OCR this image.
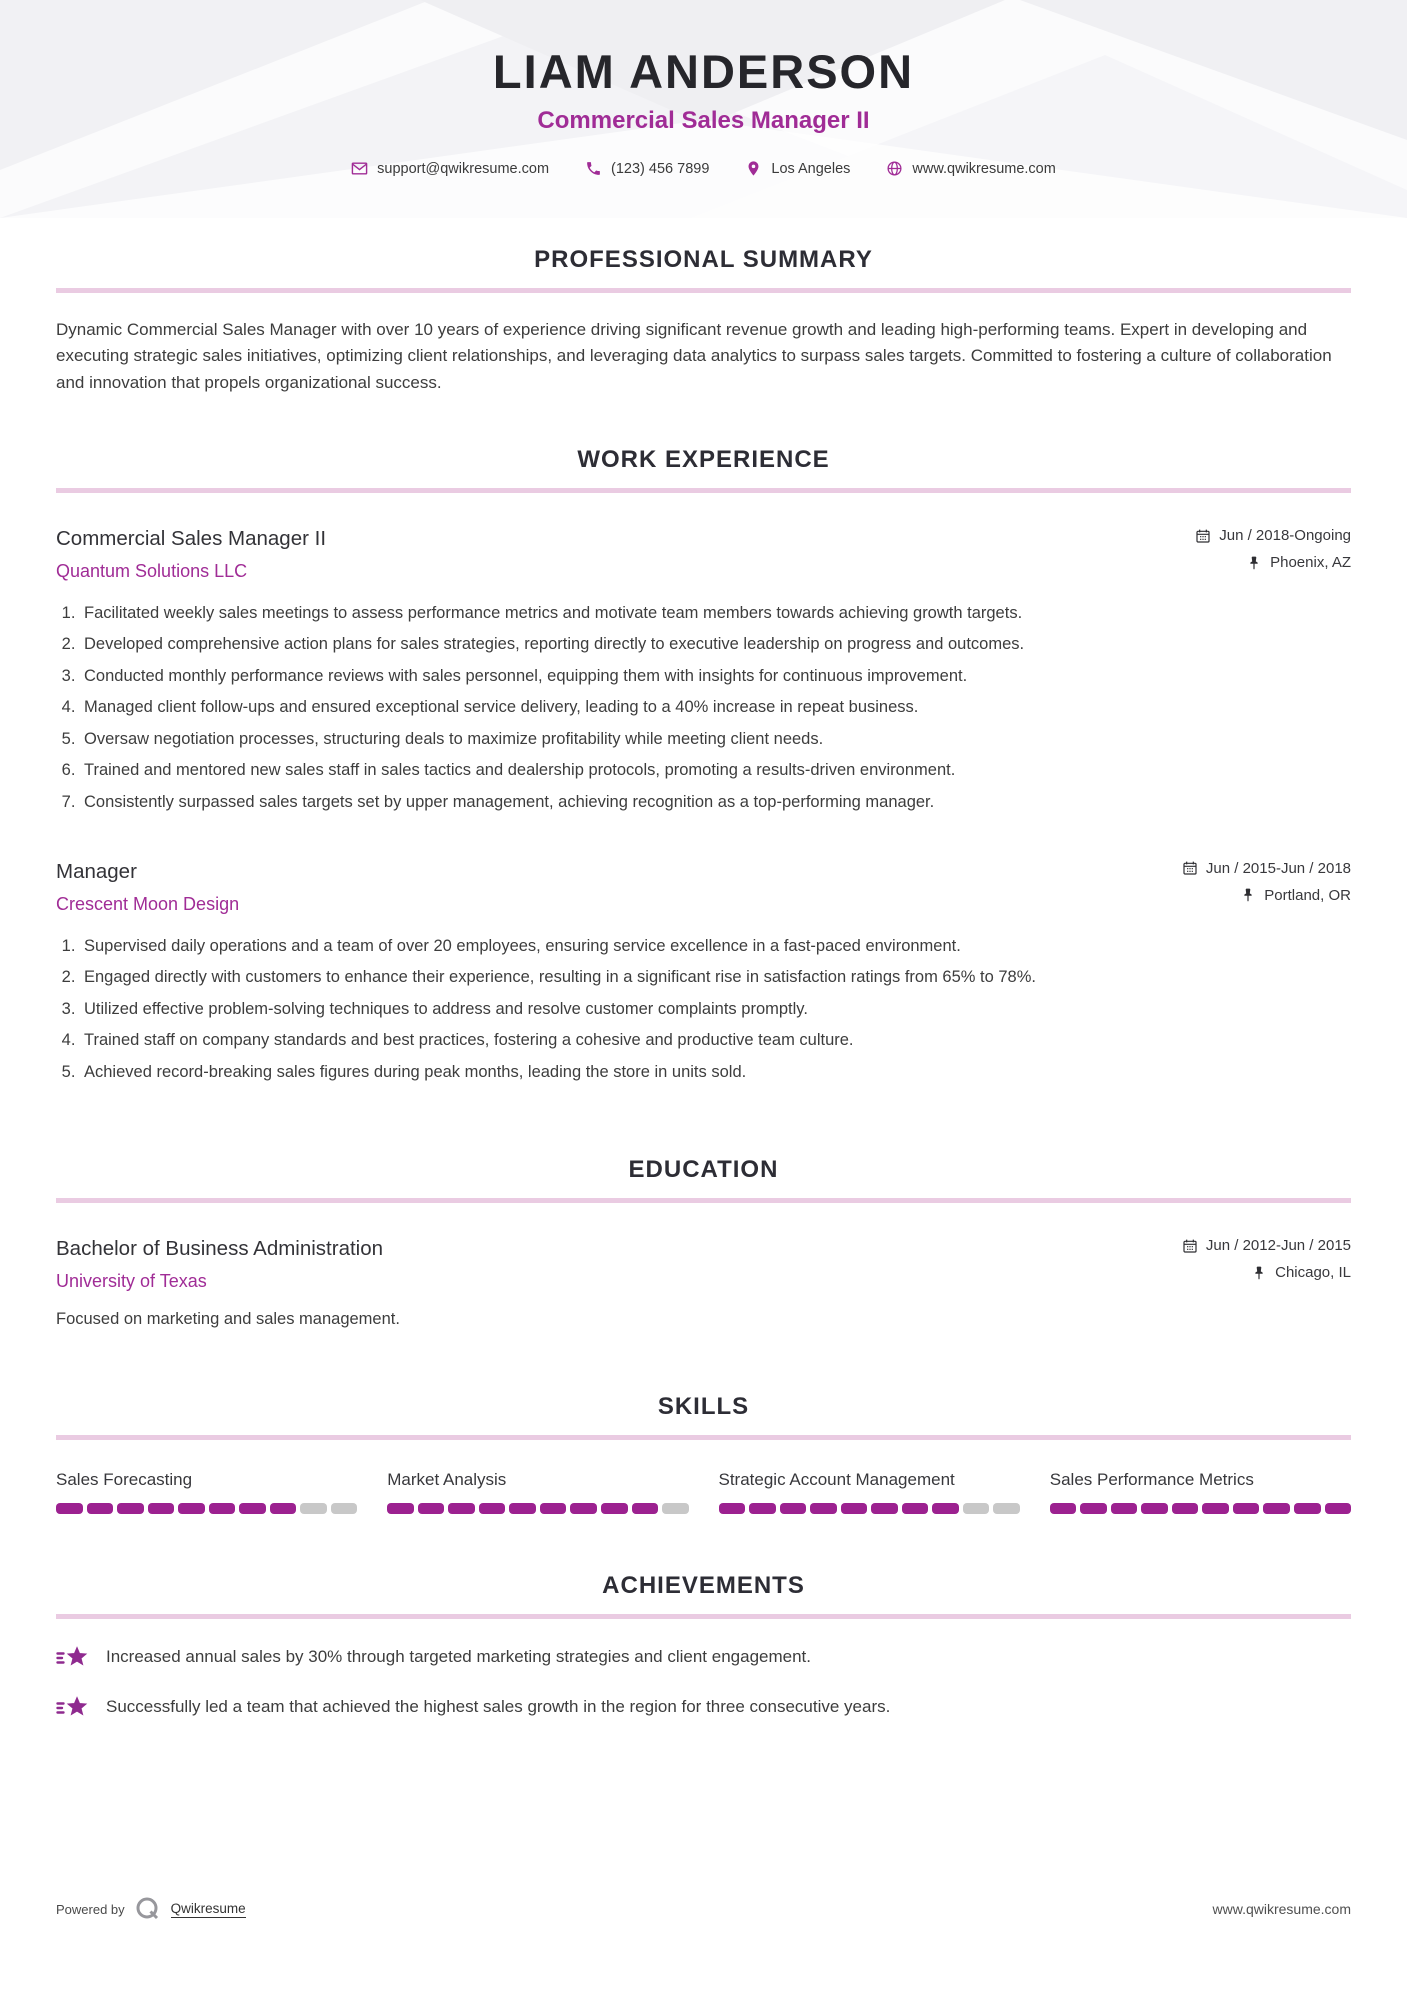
LIAM ANDERSON
Commercial Sales Manager II
support@qwikresume.com	(123) 456 7899	Los Angeles	www.qwikresume.com
PROFESSIONAL SUMMARY

Dynamic Commercial Sales Manager with over 10 years of experience driving significant revenue growth and leading high-performing teams. Expert in developing and executing strategic sales initiatives, optimizing client relationships, and leveraging data analytics to surpass sales targets. Committed to fostering a culture of collaboration and innovation that propels organizational success.

WORK EXPERIENCE
Commercial Sales Manager II
Quantum Solutions LLC
Jun / 2018-Ongoing
Phoenix, AZ
1. Facilitated weekly sales meetings to assess performance metrics and motivate team members towards achieving growth targets.
2. Developed comprehensive action plans for sales strategies, reporting directly to executive leadership on progress and outcomes.
3. Conducted monthly performance reviews with sales personnel, equipping them with insights for continuous improvement.
4. Managed client follow-ups and ensured exceptional service delivery, leading to a 40% increase in repeat business.
5. Oversaw negotiation processes, structuring deals to maximize profitability while meeting client needs.
6. Trained and mentored new sales staff in sales tactics and dealership protocols, promoting a results-driven environment.
7. Consistently surpassed sales targets set by upper management, achieving recognition as a top-performing manager.
Manager
Crescent Moon Design
Jun / 2015-Jun / 2018
Portland, OR
1. Supervised daily operations and a team of over 20 employees, ensuring service excellence in a fast-paced environment.
2. Engaged directly with customers to enhance their experience, resulting in a significant rise in satisfaction ratings from 65% to 78%.
3. Utilized effective problem-solving techniques to address and resolve customer complaints promptly.
4. Trained staff on company standards and best practices, fostering a cohesive and productive team culture.
5. Achieved record-breaking sales figures during peak months, leading the store in units sold.
EDUCATION
Bachelor of Business Administration
University of Texas
Jun / 2012-Jun / 2015
Chicago, IL
Focused on marketing and sales management.
SKILLS
Sales Forecasting	Market Analysis	Strategic Account Management	Sales Performance Metrics
ACHIEVEMENTS
Increased annual sales by 30% through targeted marketing strategies and client engagement.
Successfully led a team that achieved the highest sales growth in the region for three consecutive years.
Powered by	Qwikresume	www.qwikresume.com
